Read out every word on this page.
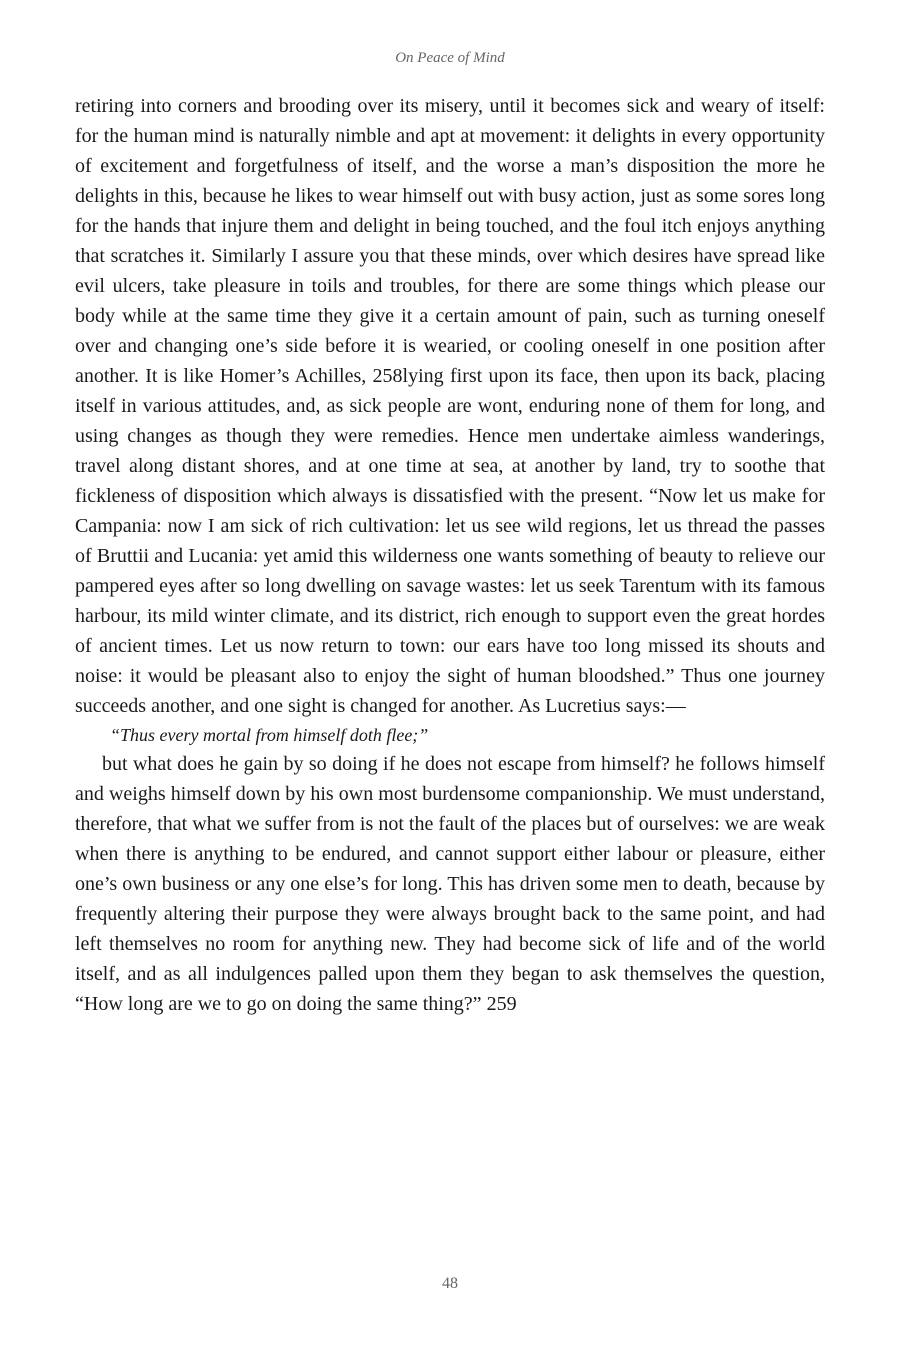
On Peace of Mind

retiring into corners and brooding over its misery, until it becomes sick and weary of itself: for the human mind is naturally nimble and apt at movement: it delights in every opportunity of excitement and forgetfulness of itself, and the worse a man’s disposition the more he delights in this, because he likes to wear himself out with busy action, just as some sores long for the hands that injure them and delight in being touched, and the foul itch enjoys anything that scratches it. Similarly I assure you that these minds, over which desires have spread like evil ulcers, take pleasure in toils and troubles, for there are some things which please our body while at the same time they give it a certain amount of pain, such as turning oneself over and changing one’s side before it is wearied, or cooling oneself in one position after another. It is like Homer’s Achilles, 258lying first upon its face, then upon its back, placing itself in various attitudes, and, as sick people are wont, enduring none of them for long, and using changes as though they were remedies. Hence men undertake aimless wanderings, travel along distant shores, and at one time at sea, at another by land, try to soothe that fickleness of disposition which always is dissatisfied with the present. “Now let us make for Campania: now I am sick of rich cultivation: let us see wild regions, let us thread the passes of Bruttii and Lucania: yet amid this wilderness one wants something of beauty to relieve our pampered eyes after so long dwelling on savage wastes: let us seek Tarentum with its famous harbour, its mild winter climate, and its district, rich enough to support even the great hordes of ancient times. Let us now return to town: our ears have too long missed its shouts and noise: it would be pleasant also to enjoy the sight of human bloodshed.” Thus one journey succeeds another, and one sight is changed for another. As Lucretius says:—

“Thus every mortal from himself doth flee;”

but what does he gain by so doing if he does not escape from himself? he follows himself and weighs himself down by his own most burdensome companionship. We must understand, therefore, that what we suffer from is not the fault of the places but of ourselves: we are weak when there is anything to be endured, and cannot support either labour or pleasure, either one’s own business or any one else’s for long. This has driven some men to death, because by frequently altering their purpose they were always brought back to the same point, and had left themselves no room for anything new. They had become sick of life and of the world itself, and as all indulgences palled upon them they began to ask themselves the question, “How long are we to go on doing the same thing?” 259

48
